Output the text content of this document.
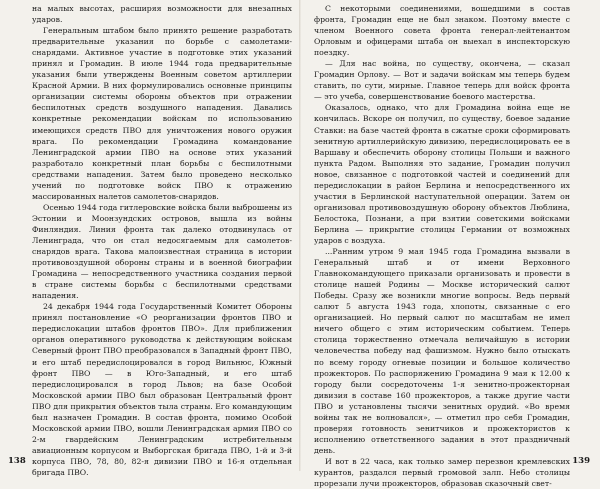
на малых высотах, расширяя возможности для внезапных ударов.

Генеральным штабом было принято решение разработать предварительные указания по борьбе с самолетами-снарядами. Активное участие в подготовке этих указаний принял и Громадин. В июле 1944 года предварительные указания были утверждены Военным советом артиллерии Красной Армии. В них формулировались основные принципы организации системы обороны объектов при отражении беспилотных средств воздушного нападения. Давались конкретные рекомендации войскам по использованию имеющихся средств ПВО для уничтожения нового оружия врага. По рекомендации Громадина командование Ленинградской армии ПВО на основе этих указаний разработало конкретный план борьбы с беспилотными средствами нападения. Затем было проведено несколько учений по подготовке войск ПВО к отражению массированных налетов самолетов-снарядов.

Осенью 1944 года гитлеровские войска были выброшены из Эстонии и Моонзундских островов, вышла из войны Финляндия. Линия фронта так далеко отодвинулась от Ленинграда, что он стал недосягаемым для самолетов-снарядов врага. Такова малоизвестная страница в истории противовоздушной обороны страны и в военной биографии Громадина — непосредственного участника создания первой в стране системы борьбы с беспилотными средствами нападения.

24 декабря 1944 года Государственный Комитет Обороны принял постановление «О реорганизации фронтов ПВО и передислокации штабов фронтов ПВО». Для приближения органов оперативного руководства к действующим войскам Северный фронт ПВО преобразовался в Западный фронт ПВО, и его штаб передислоцировался в город Вильнюс, Южный фронт ПВО — в Юго-Западный, и его штаб передислоцировался в город Львов; на базе Особой Московской армии ПВО был образован Центральный фронт ПВО для прикрытия объектов тыла страны. Его командующим был назначен Громадин. В состав фронта, помимо Особой Московской армии ПВО, вошли Ленинградская армия ПВО со 2-м гвардейским Ленинградским истребительным авиационным корпусом и Выборгская бригада ПВО, 1-й и 3-й корпуса ПВО, 78, 80, 82-я дивизии ПВО и 16-я отдельная бригада ПВО.

138

С некоторыми соединениями, вошедшими в состав фронта, Громадин еще не был знаком. Поэтому вместе с членом Военного совета фронта генерал-лейтенантом Орловым и офицерами штаба он выехал в инспекторскую поездку.

— Для нас война, по существу, окончена, — сказал Громадин Орлову. — Вот и задачи войскам мы теперь будем ставить, по сути, мирные. Главное теперь для войск фронта — это учеба, совершенствование боевого мастерства.

Оказалось, однако, что для Громадина война еще не кончилась. Вскоре он получил, по существу, боевое задание Ставки: на базе частей фронта в сжатые сроки сформировать зенитную артиллерийскую дивизию, передислоцировать ее в Варшаву и обеспечить оборону столицы Польши и важного пункта Радом. Выполняя это задание, Громадин получил новое, связанное с подготовкой частей и соединений для передислокации в район Берлина и непосредственного их участия в Берлинской наступательной операции. Затем он организовал противовоздушную оборону объектов Люблина, Белостока, Познани, а при взятии советскими войсками Берлина — прикрытие столицы Германии от возможных ударов с воздуха.

...Ранним утром 9 мая 1945 года Громадина вызвали в Генеральный штаб и от имени Верховного Главнокомандующего приказали организовать и провести в столице нашей Родины — Москве исторический салют Победы. Сразу же возникли многие вопросы. Ведь первый салют 5 августа 1943 года, хлопоты, связанные с его организацией. Но первый салют по масштабам не имел ничего общего с этим историческим событием. Теперь столица торжественно отмечала величайшую в истории человечества победу над фашизмом. Нужно было отыскать по всему городу огневые позиции и большое количество прожекторов. По распоряжению Громадина 9 мая к 12.00 к городу были сосредоточены 1-я зенитно-прожекторная дивизия в составе 160 прожекторов, а также другие части ПВО и установлены тысячи зенитных орудий. «Во время войны так не волновался», — отметил про себя Громадин, проверяя готовность зенитчиков и прожектористов к исполнению ответственного задания в этот праздничный день.

И вот в 22 часа, как только замер перезвон кремлевских курантов, раздался первый громовой залп. Небо столицы прорезали лучи прожекторов, образовав сказочный свет-

139
